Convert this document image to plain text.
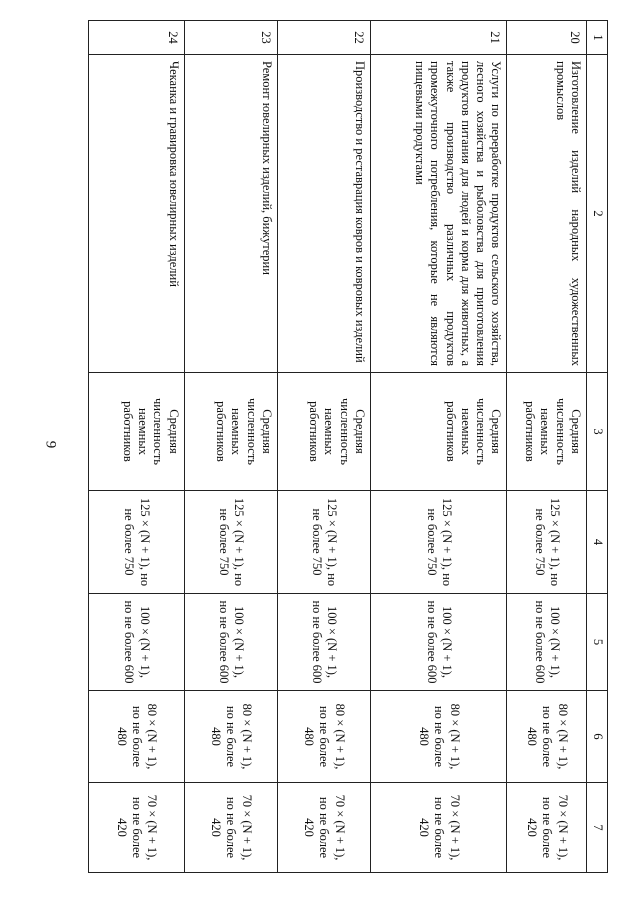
9
1	2	3	4	5	6	7
20	Изготовление изделий народных художественных промыслов	Средняя численность наемных работников	125 × (N + 1), но не более 750	100 × (N + 1), но не более 600	80 × (N + 1), но не более 480	70 × (N + 1), но не более 420
21	Услуги по переработке продуктов сельского хозяйства, лесного хозяйства и рыболовства для приготовления продуктов питания для людей и корма для животных, а также производство различных продуктов промежуточного потребления, которые не являются пищевыми продуктами	Средняя численность наемных работников	125 × (N + 1), но не более 750	100 × (N + 1), но не более 600	80 × (N + 1), но не более 480	70 × (N + 1), но не более 420
22	Производство и реставрация ковров и ковровых изделий	Средняя численность наемных работников	125 × (N + 1), но не более 750	100 × (N + 1), но не более 600	80 × (N + 1), но не более 480	70 × (N + 1), но не более 420
23	Ремонт ювелирных изделий, бижутерии	Средняя численность наемных работников	125 × (N + 1), но не более 750	100 × (N + 1), но не более 600	80 × (N + 1), но не более 480	70 × (N + 1), но не более 420
24	Чеканка и гравировка ювелирных изделий	Средняя численность наемных работников	125 × (N + 1), но не более 750	100 × (N + 1), но не более 600	80 × (N + 1), но не более 480	70 × (N + 1), но не более 420
